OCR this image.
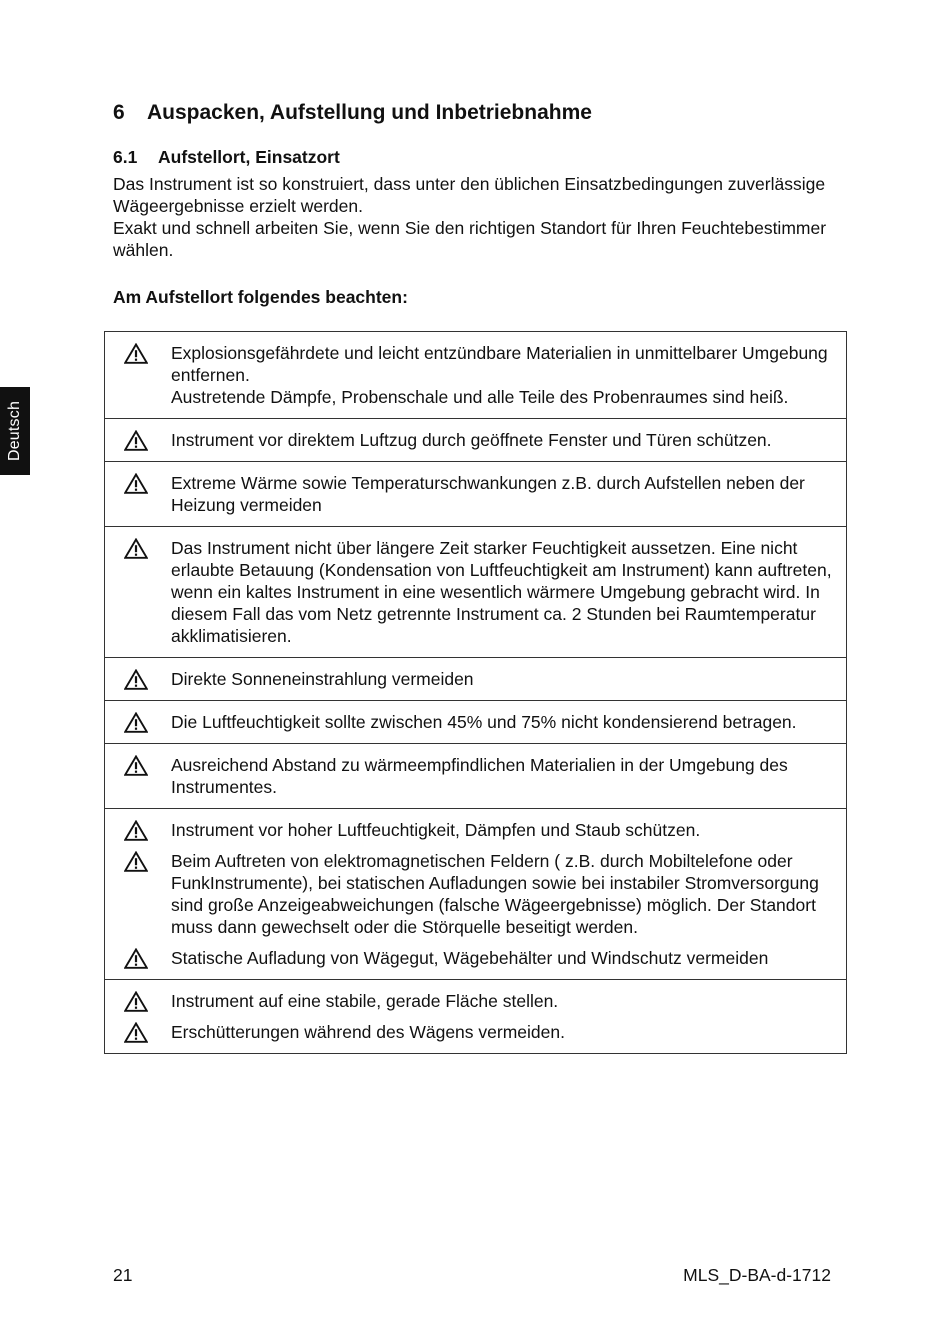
Deutsch
6 Auspacken, Aufstellung und Inbetriebnahme
6.1 Aufstellort, Einsatzort

Das Instrument ist so konstruiert, dass unter den üblichen Einsatzbedingungen zuverlässige Wägeergebnisse erzielt werden.

Exakt und schnell arbeiten Sie, wenn Sie den richtigen Standort für Ihren Feuchtebestimmer wählen.

Am Aufstellort folgendes beachten:

Explosionsgefährdete und leicht entzündbare Materialien in unmittelbarer Umgebung entfernen.

Austretende Dämpfe, Probenschale und alle Teile des Probenraumes sind heiß.

Instrument vor direktem Luftzug durch geöffnete Fenster und Türen schützen.

Extreme Wärme sowie Temperaturschwankungen z.B. durch Aufstellen neben der Heizung vermeiden

Das Instrument nicht über längere Zeit starker Feuchtigkeit aussetzen. Eine nicht erlaubte Betauung (Kondensation von Luftfeuchtigkeit am Instrument) kann auftreten, wenn ein kaltes Instrument in eine wesentlich wärmere Umgebung gebracht wird. In diesem Fall das vom Netz getrennte Instrument ca. 2 Stunden bei Raumtemperatur akklimatisieren.

Direkte Sonneneinstrahlung vermeiden

Die Luftfeuchtigkeit sollte zwischen 45% und 75% nicht kondensierend betragen.

Ausreichend Abstand zu wärmeempfindlichen Materialien in der Umgebung des Instrumentes.

Instrument vor hoher Luftfeuchtigkeit, Dämpfen und Staub schützen.

Beim Auftreten von elektromagnetischen Feldern ( z.B. durch Mobiltelefone oder FunkInstrumente), bei statischen Aufladungen sowie bei instabiler Stromversorgung sind große Anzeigeabweichungen (falsche Wägeergebnisse) möglich. Der Standort muss dann gewechselt oder die Störquelle beseitigt werden.

Statische Aufladung von Wägegut, Wägebehälter und Windschutz vermeiden

Instrument auf eine stabile, gerade Fläche stellen.

Erschütterungen während des Wägens vermeiden.

21	MLS_D-BA-d-1712
